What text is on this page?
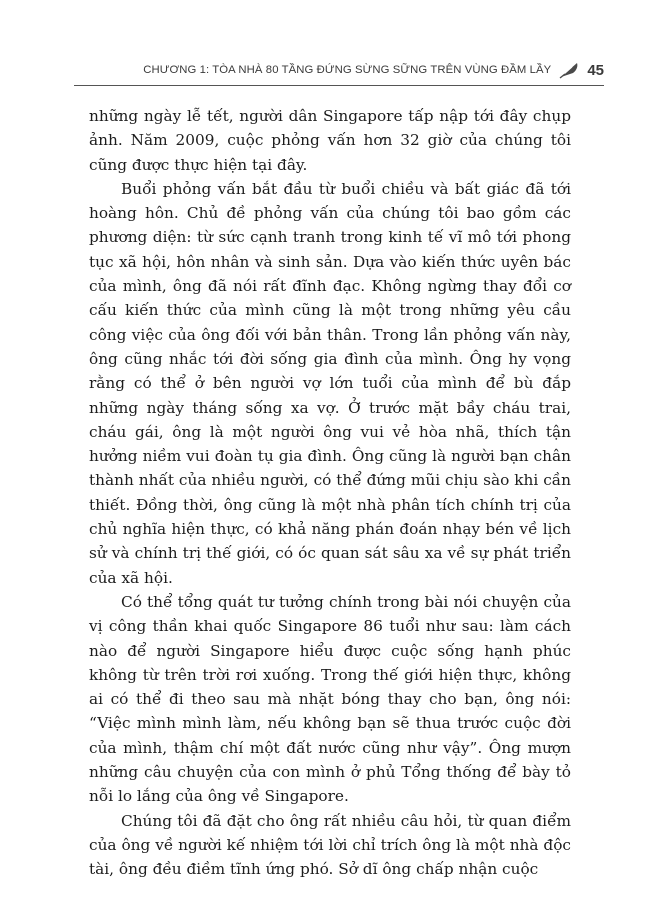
CHƯƠNG 1: TÒA NHÀ 80 TẦNG ĐỨNG SỪNG SỮNG TRÊN VÙNG ĐẦM LẦY 45

những ngày lễ tết, người dân Singapore tấp nập tới đây chụp ảnh. Năm 2009, cuộc phỏng vấn hơn 32 giờ của chúng tôi cũng được thực hiện tại đây.

Buổi phỏng vấn bắt đầu từ buổi chiều và bất giác đã tới hoàng hôn. Chủ đề phỏng vấn của chúng tôi bao gồm các phương diện: từ sức cạnh tranh trong kinh tế vĩ mô tới phong tục xã hội, hôn nhân và sinh sản. Dựa vào kiến thức uyên bác của mình, ông đã nói rất đĩnh đạc. Không ngừng thay đổi cơ cấu kiến thức của mình cũng là một trong những yêu cầu công việc của ông đối với bản thân. Trong lần phỏng vấn này, ông cũng nhắc tới đời sống gia đình của mình. Ông hy vọng rằng có thể ở bên người vợ lớn tuổi của mình để bù đắp những ngày tháng sống xa vợ. Ở trước mặt bầy cháu trai, cháu gái, ông là một người ông vui vẻ hòa nhã, thích tận hưởng niềm vui đoàn tụ gia đình. Ông cũng là người bạn chân thành nhất của nhiều người, có thể đứng mũi chịu sào khi cần thiết. Đồng thời, ông cũng là một nhà phân tích chính trị của chủ nghĩa hiện thực, có khả năng phán đoán nhạy bén về lịch sử và chính trị thế giới, có óc quan sát sâu xa về sự phát triển của xã hội.

Có thể tổng quát tư tưởng chính trong bài nói chuyện của vị công thần khai quốc Singapore 86 tuổi như sau: làm cách nào để người Singapore hiểu được cuộc sống hạnh phúc không từ trên trời rơi xuống. Trong thế giới hiện thực, không ai có thể đi theo sau mà nhặt bóng thay cho bạn, ông nói: “Việc mình mình làm, nếu không bạn sẽ thua trước cuộc đời của mình, thậm chí một đất nước cũng như vậy”. Ông mượn những câu chuyện của con mình ở phủ Tổng thống để bày tỏ nỗi lo lắng của ông về Singapore.

Chúng tôi đã đặt cho ông rất nhiều câu hỏi, từ quan điểm của ông về người kế nhiệm tới lời chỉ trích ông là một nhà độc tài, ông đều điềm tĩnh ứng phó. Sở dĩ ông chấp nhận cuộc
